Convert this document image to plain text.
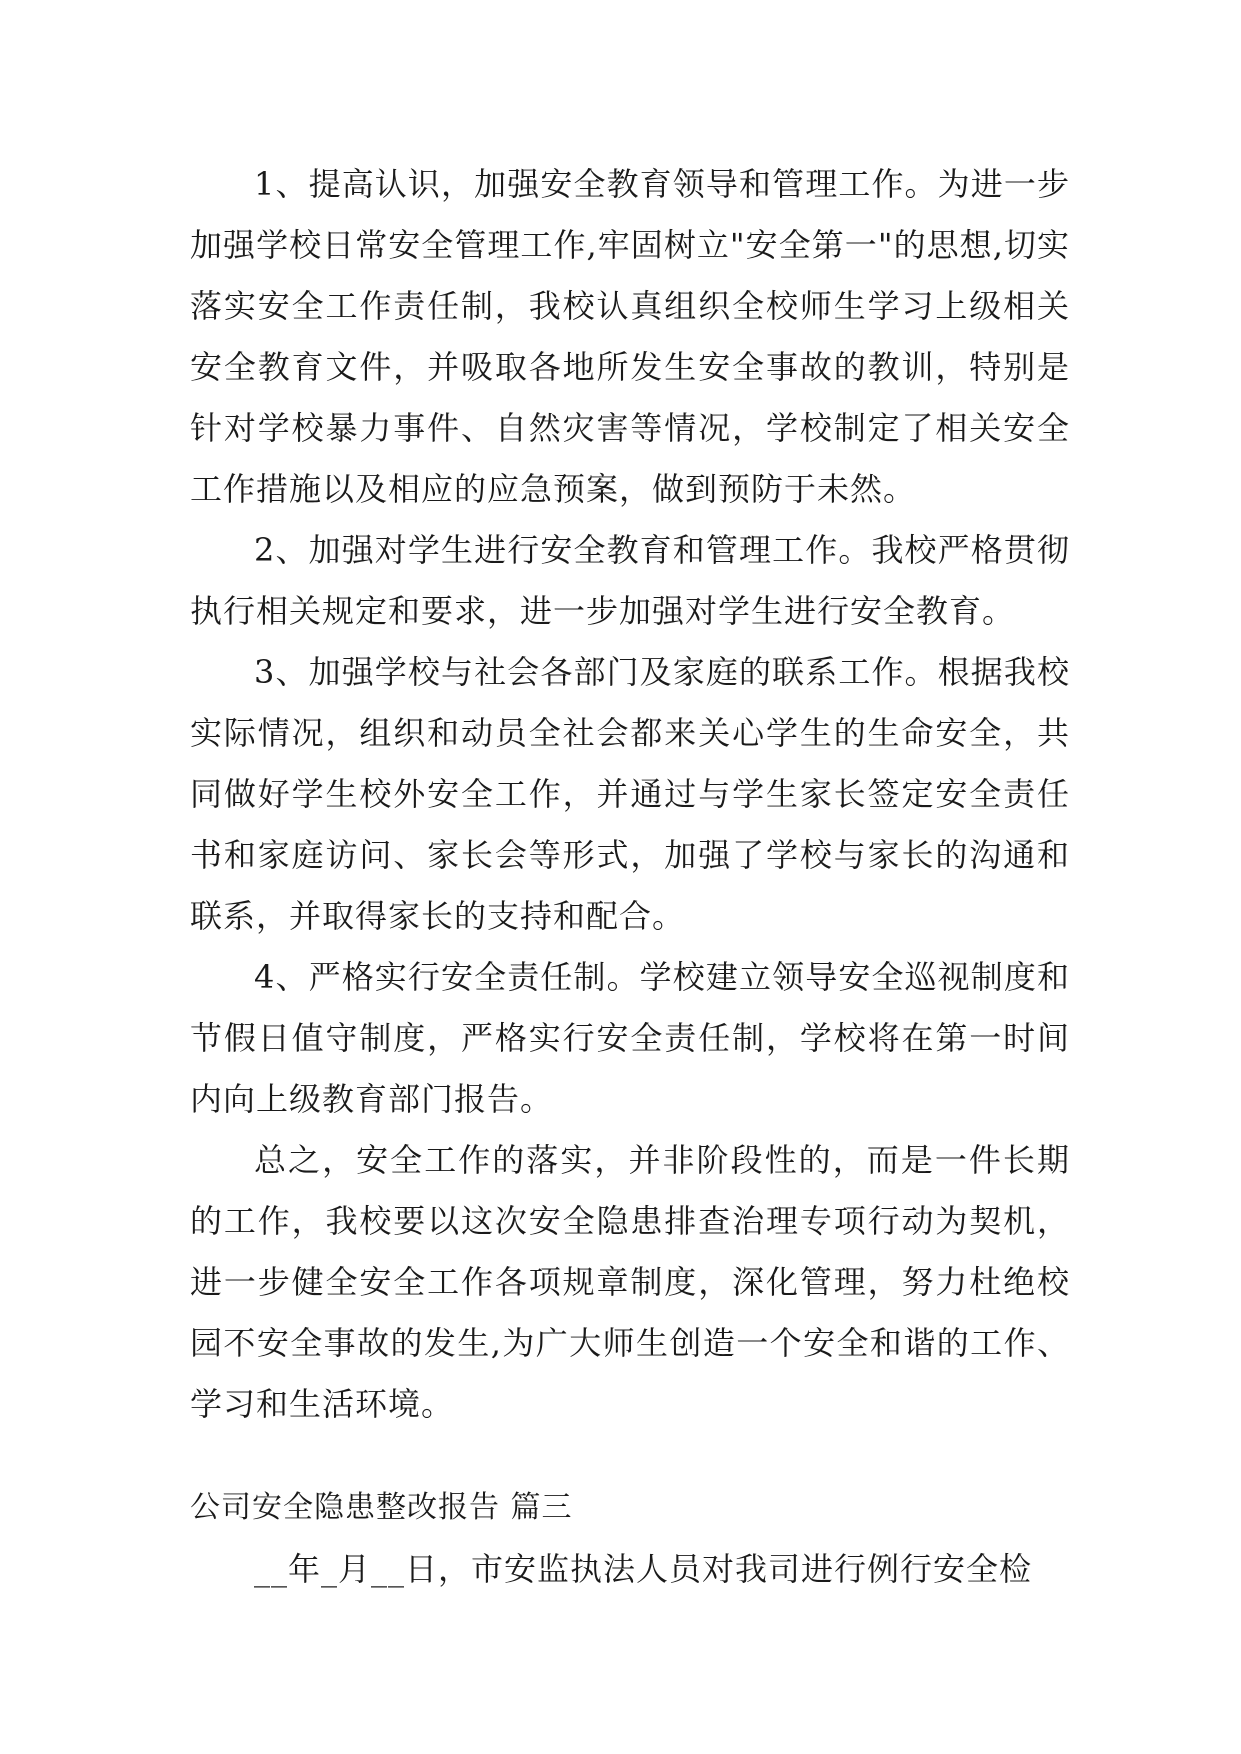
1、提高认识，加强安全教育领导和管理工作。为进一步加强学校日常安全管理工作,牢固树立"安全第一"的思想,切实落实安全工作责任制，我校认真组织全校师生学习上级相关安全教育文件，并吸取各地所发生安全事故的教训，特别是针对学校暴力事件、自然灾害等情况，学校制定了相关安全工作措施以及相应的应急预案，做到预防于未然。

2、加强对学生进行安全教育和管理工作。我校严格贯彻执行相关规定和要求，进一步加强对学生进行安全教育。

3、加强学校与社会各部门及家庭的联系工作。根据我校实际情况，组织和动员全社会都来关心学生的生命安全，共同做好学生校外安全工作，并通过与学生家长签定安全责任书和家庭访问、家长会等形式，加强了学校与家长的沟通和联系，并取得家长的支持和配合。

4、严格实行安全责任制。学校建立领导安全巡视制度和节假日值守制度，严格实行安全责任制，学校将在第一时间内向上级教育部门报告。

总之，安全工作的落实，并非阶段性的，而是一件长期的工作，我校要以这次安全隐患排查治理专项行动为契机，进一步健全安全工作各项规章制度，深化管理，努力杜绝校园不安全事故的发生,为广大师生创造一个安全和谐的工作、学习和生活环境。

公司安全隐患整改报告 篇三

__年_月__日，市安监执法人员对我司进行例行安全检
